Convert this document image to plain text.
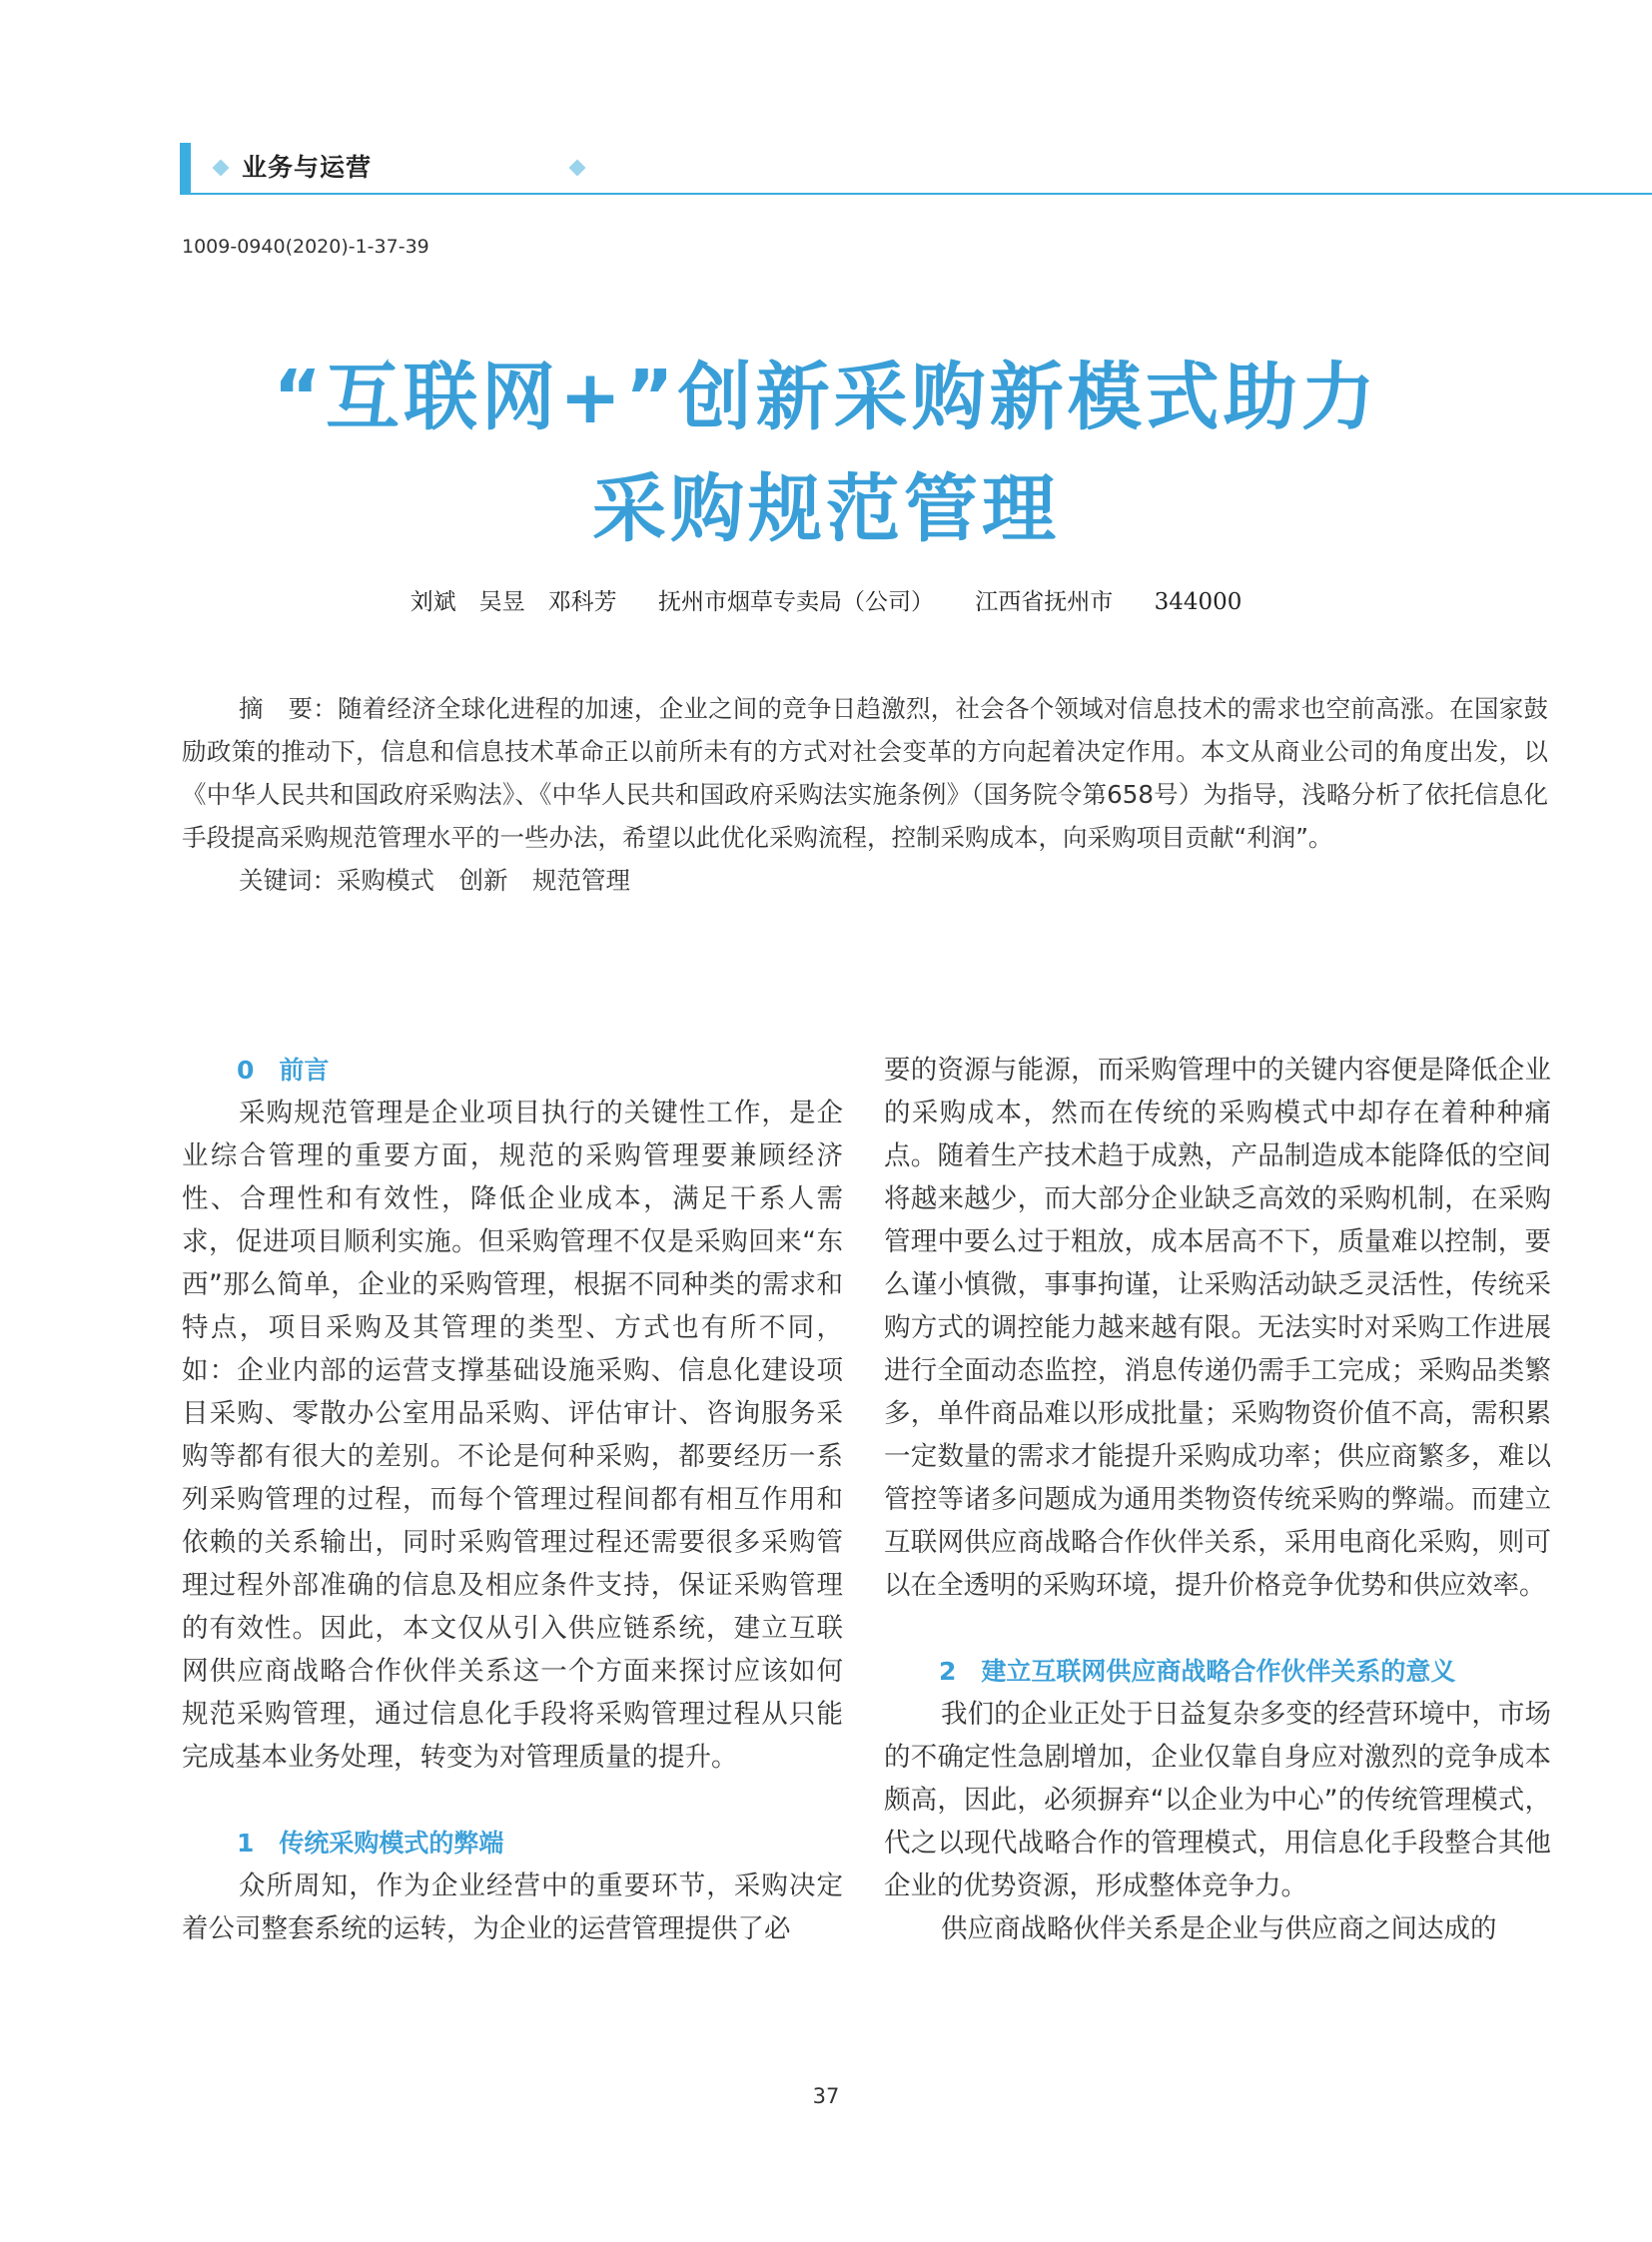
业务与运营
1009-0940(2020)-1-37-39
“互联网+”创新采购新模式助力
采购规范管理
刘斌　吴昱　邓科芳 抚州市烟草专卖局（公司） 江西省抚州市 344000

摘　要：随着经济全球化进程的加速，企业之间的竞争日趋激烈，社会各个领域对信息技术的需求也空前高涨。在国家鼓励政策的推动下，信息和信息技术革命正以前所未有的方式对社会变革的方向起着决定作用。本文从商业公司的角度出发，以《中华人民共和国政府采购法》、《中华人民共和国政府采购法实施条例》（国务院令第658号）为指导，浅略分析了依托信息化手段提高采购规范管理水平的一些办法，希望以此优化采购流程，控制采购成本，向采购项目贡献“利润”。

关键词：采购模式　创新　规范管理

0　前言

采购规范管理是企业项目执行的关键性工作，是企业综合管理的重要方面，规范的采购管理要兼顾经济性、合理性和有效性，降低企业成本，满足干系人需求，促进项目顺利实施。但采购管理不仅是采购回来“东西”那么简单，企业的采购管理，根据不同种类的需求和特点，项目采购及其管理的类型、方式也有所不同，如：企业内部的运营支撑基础设施采购、信息化建设项目采购、零散办公室用品采购、评估审计、咨询服务采购等都有很大的差别。不论是何种采购，都要经历一系列采购管理的过程，而每个管理过程间都有相互作用和依赖的关系输出，同时采购管理过程还需要很多采购管理过程外部准确的信息及相应条件支持，保证采购管理的有效性。因此，本文仅从引入供应链系统，建立互联网供应商战略合作伙伴关系这一个方面来探讨应该如何规范采购管理，通过信息化手段将采购管理过程从只能完成基本业务处理，转变为对管理质量的提升。

1　传统采购模式的弊端

众所周知，作为企业经营中的重要环节，采购决定着公司整套系统的运转，为企业的运营管理提供了必

要的资源与能源，而采购管理中的关键内容便是降低企业的采购成本，然而在传统的采购模式中却存在着种种痛点。随着生产技术趋于成熟，产品制造成本能降低的空间将越来越少，而大部分企业缺乏高效的采购机制，在采购管理中要么过于粗放，成本居高不下，质量难以控制，要么谨小慎微，事事拘谨，让采购活动缺乏灵活性，传统采购方式的调控能力越来越有限。无法实时对采购工作进展进行全面动态监控，消息传递仍需手工完成；采购品类繁多，单件商品难以形成批量；采购物资价值不高，需积累一定数量的需求才能提升采购成功率；供应商繁多，难以管控等诸多问题成为通用类物资传统采购的弊端。而建立互联网供应商战略合作伙伴关系，采用电商化采购，则可以在全透明的采购环境，提升价格竞争优势和供应效率。

2　建立互联网供应商战略合作伙伴关系的意义

我们的企业正处于日益复杂多变的经营环境中，市场的不确定性急剧增加，企业仅靠自身应对激烈的竞争成本颇高，因此，必须摒弃“以企业为中心”的传统管理模式，代之以现代战略合作的管理模式，用信息化手段整合其他企业的优势资源，形成整体竞争力。

供应商战略伙伴关系是企业与供应商之间达成的

37
